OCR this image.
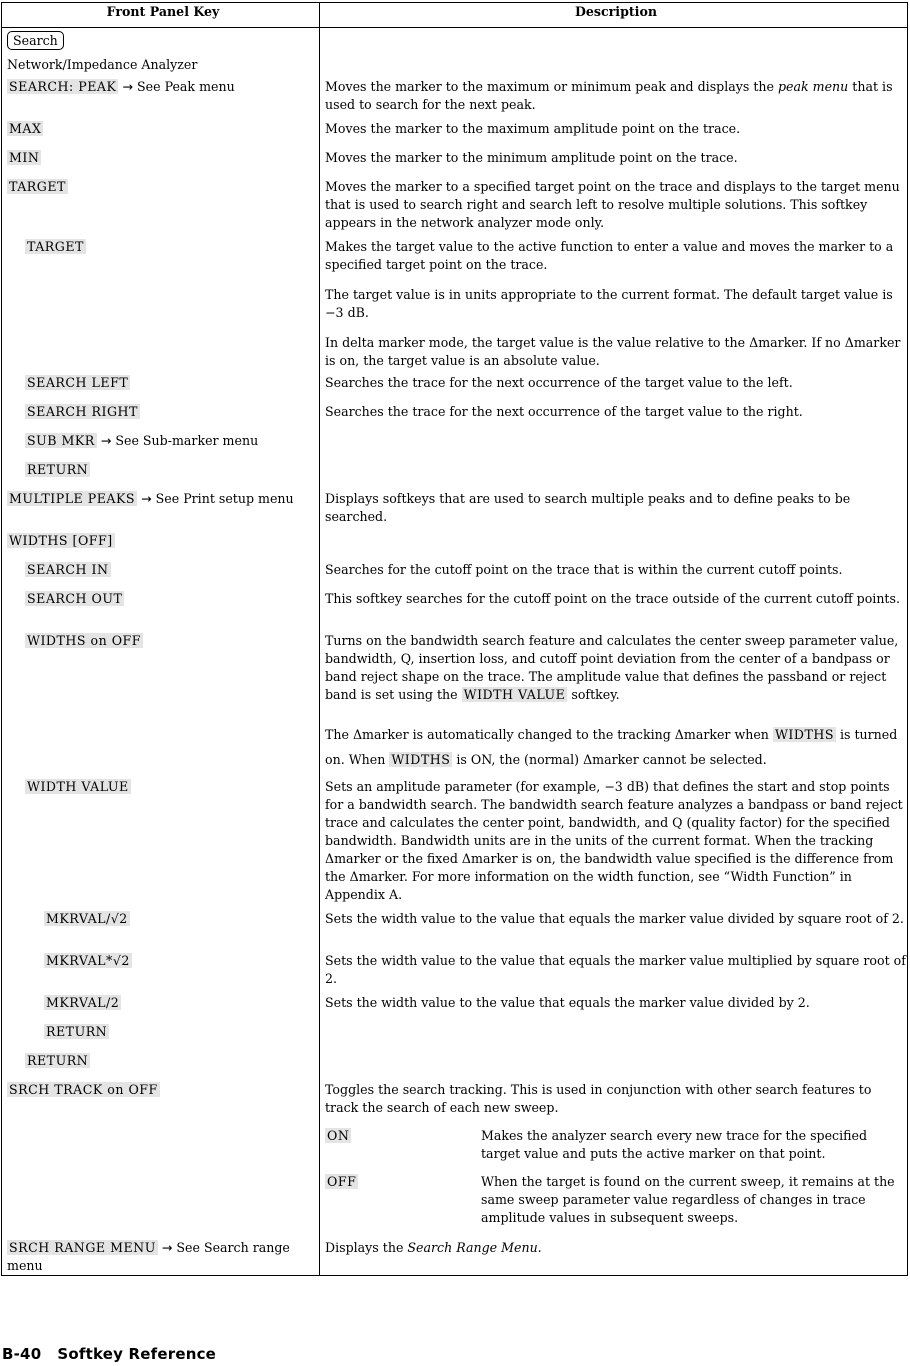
Front Panel Key	Description
Search	
Network/Impedance Analyzer	
SEARCH: PEAK → See Peak menu	Moves the marker to the maximum or minimum peak and displays the peak menu that is used to search for the next peak.
MAX	Moves the marker to the maximum amplitude point on the trace.
MIN	Moves the marker to the minimum amplitude point on the trace.
TARGET	Moves the marker to a specified target point on the trace and displays to the target menu that is used to search right and search left to resolve multiple solutions. This softkey appears in the network analyzer mode only.
TARGET	Makes the target value to the active function to enter a value and moves the marker to a specified target point on the trace.

The target value is in units appropriate to the current format. The default target value is −3 dB.

In delta marker mode, the target value is the value relative to the Δmarker. If no Δmarker is on, the target value is an absolute value.

SEARCH LEFT	Searches the trace for the next occurrence of the target value to the left.
SEARCH RIGHT	Searches the trace for the next occurrence of the target value to the right.
SUB MKR → See Sub-marker menu	
RETURN	
MULTIPLE PEAKS → See Print setup menu	Displays softkeys that are used to search multiple peaks and to define peaks to be searched.
WIDTHS [OFF]	
SEARCH IN	Searches for the cutoff point on the trace that is within the current cutoff points.
SEARCH OUT	This softkey searches for the cutoff point on the trace outside of the current cutoff points.
WIDTHS on OFF	Turns on the bandwidth search feature and calculates the center sweep parameter value, bandwidth, Q, insertion loss, and cutoff point deviation from the center of a bandpass or band reject shape on the trace. The amplitude value that defines the passband or reject band is set using the WIDTH VALUE softkey.

The Δmarker is automatically changed to the tracking Δmarker when WIDTHS is turned on. When WIDTHS is ON, the (normal) Δmarker cannot be selected.

WIDTH VALUE	Sets an amplitude parameter (for example, −3 dB) that defines the start and stop points for a bandwidth search. The bandwidth search feature analyzes a bandpass or band reject trace and calculates the center point, bandwidth, and Q (quality factor) for the specified bandwidth. Bandwidth units are in the units of the current format. When the tracking Δmarker or the fixed Δmarker is on, the bandwidth value specified is the difference from the Δmarker. For more information on the width function, see “Width Function” in Appendix A.
MKRVAL/√2	Sets the width value to the value that equals the marker value divided by square root of 2.
MKRVAL*√2	Sets the width value to the value that equals the marker value multiplied by square root of 2.
MKRVAL/2	Sets the width value to the value that equals the marker value divided by 2.
RETURN	
RETURN	
SRCH TRACK on OFF	Toggles the search tracking. This is used in conjunction with other search features to track the search of each new sweep.

ON Makes the analyzer search every new trace for the specified target value and puts the active marker on that point.
OFF When the target is found on the current sweep, it remains at the same sweep parameter value regardless of changes in trace amplitude values in subsequent sweeps.

SRCH RANGE MENU → See Search range menu	Displays the Search Range Menu.
B-40 Softkey Reference
